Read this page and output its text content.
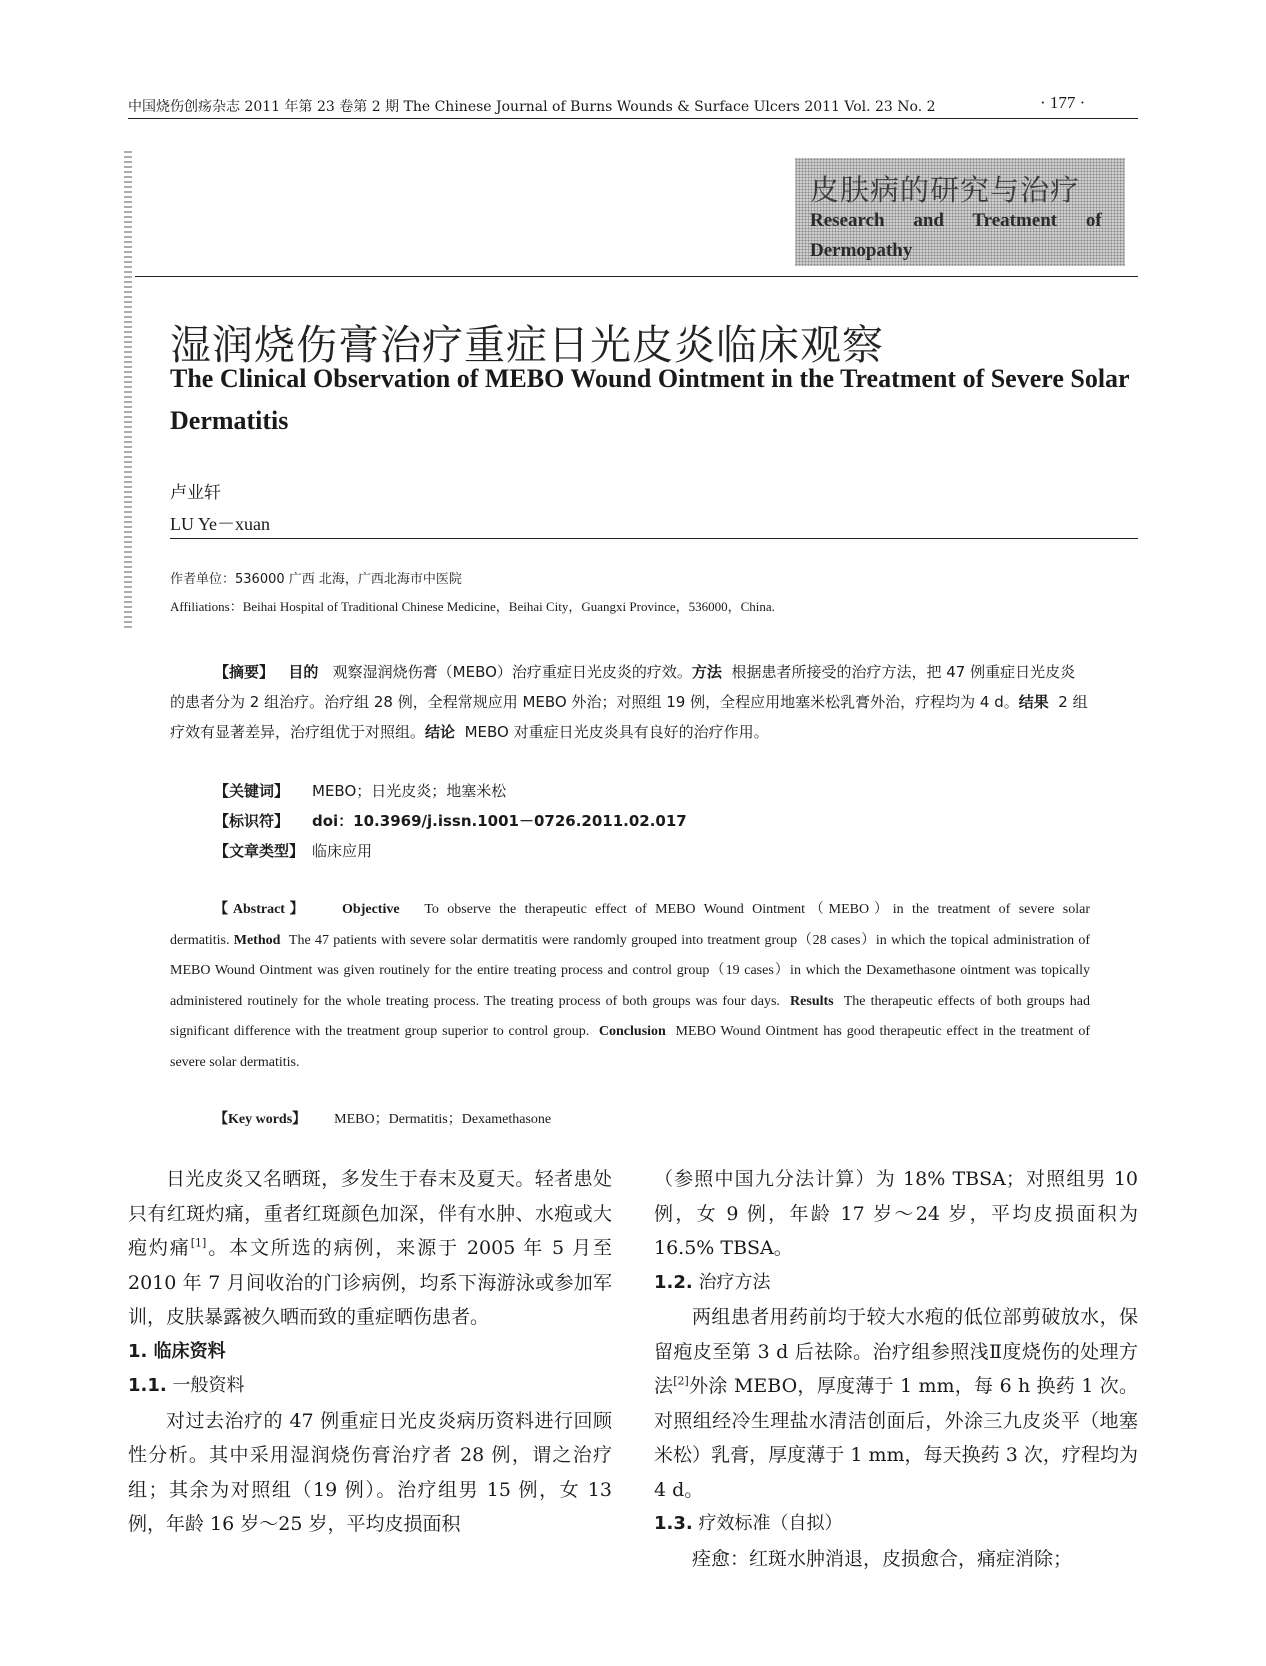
中国烧伤创疡杂志 2011 年第 23 卷第 2 期 The Chinese Journal of Burns Wounds & Surface Ulcers 2011 Vol. 23 No. 2	· 177 ·
皮肤病的研究与治疗
Research and Treatment of Dermopathy
湿润烧伤膏治疗重症日光皮炎临床观察
The Clinical Observation of MEBO Wound Ointment in the Treatment of Severe Solar Dermatitis
卢业轩
LU Ye－xuan
作者单位：536000 广西 北海，广西北海市中医院
Affiliations：Beihai Hospital of Traditional Chinese Medicine，Beihai City，Guangxi Province，536000，China.
【摘要】 目的 观察湿润烧伤膏（MEBO）治疗重症日光皮炎的疗效。方法 根据患者所接受的治疗方法，把 47 例重症日光皮炎的患者分为 2 组治疗。治疗组 28 例，全程常规应用 MEBO 外治；对照组 19 例，全程应用地塞米松乳膏外治，疗程均为 4 d。结果 2 组疗效有显著差异，治疗组优于对照组。结论 MEBO 对重症日光皮炎具有良好的治疗作用。
【关键词】 MEBO；日光皮炎；地塞米松
【标识符】 doi：10.3969/j.issn.1001－0726.2011.02.017
【文章类型】 临床应用
【Abstract】 Objective To observe the therapeutic effect of MEBO Wound Ointment（MEBO）in the treatment of severe solar dermatitis. Method The 47 patients with severe solar dermatitis were randomly grouped into treatment group（28 cases）in which the topical administration of MEBO Wound Ointment was given routinely for the entire treating process and control group（19 cases）in which the Dexamethasone ointment was topically administered routinely for the whole treating process. The treating process of both groups was four days. Results The therapeutic effects of both groups had significant difference with the treatment group superior to control group. Conclusion MEBO Wound Ointment has good therapeutic effect in the treatment of severe solar dermatitis.
【Key words】 MEBO；Dermatitis；Dexamethasone

日光皮炎又名晒斑，多发生于春末及夏天。轻者患处只有红斑灼痛，重者红斑颜色加深，伴有水肿、水疱或大疱灼痛[1]。本文所选的病例，来源于 2005 年 5 月至 2010 年 7 月间收治的门诊病例，均系下海游泳或参加军训，皮肤暴露被久晒而致的重症晒伤患者。

1. 临床资料

1.1. 一般资料

对过去治疗的 47 例重症日光皮炎病历资料进行回顾性分析。其中采用湿润烧伤膏治疗者 28 例，谓之治疗组；其余为对照组（19 例）。治疗组男 15 例，女 13 例，年龄 16 岁～25 岁，平均皮损面积

（参照中国九分法计算）为 18% TBSA；对照组男 10 例，女 9 例，年龄 17 岁～24 岁，平均皮损面积为 16.5% TBSA。

1.2. 治疗方法

两组患者用药前均于较大水疱的低位部剪破放水，保留疱皮至第 3 d 后祛除。治疗组参照浅Ⅱ度烧伤的处理方法[2]外涂 MEBO，厚度薄于 1 mm，每 6 h 换药 1 次。对照组经冷生理盐水清洁创面后，外涂三九皮炎平（地塞米松）乳膏，厚度薄于 1 mm，每天换药 3 次，疗程均为 4 d。

1.3. 疗效标准（自拟）

痊愈：红斑水肿消退，皮损愈合，痛症消除；
